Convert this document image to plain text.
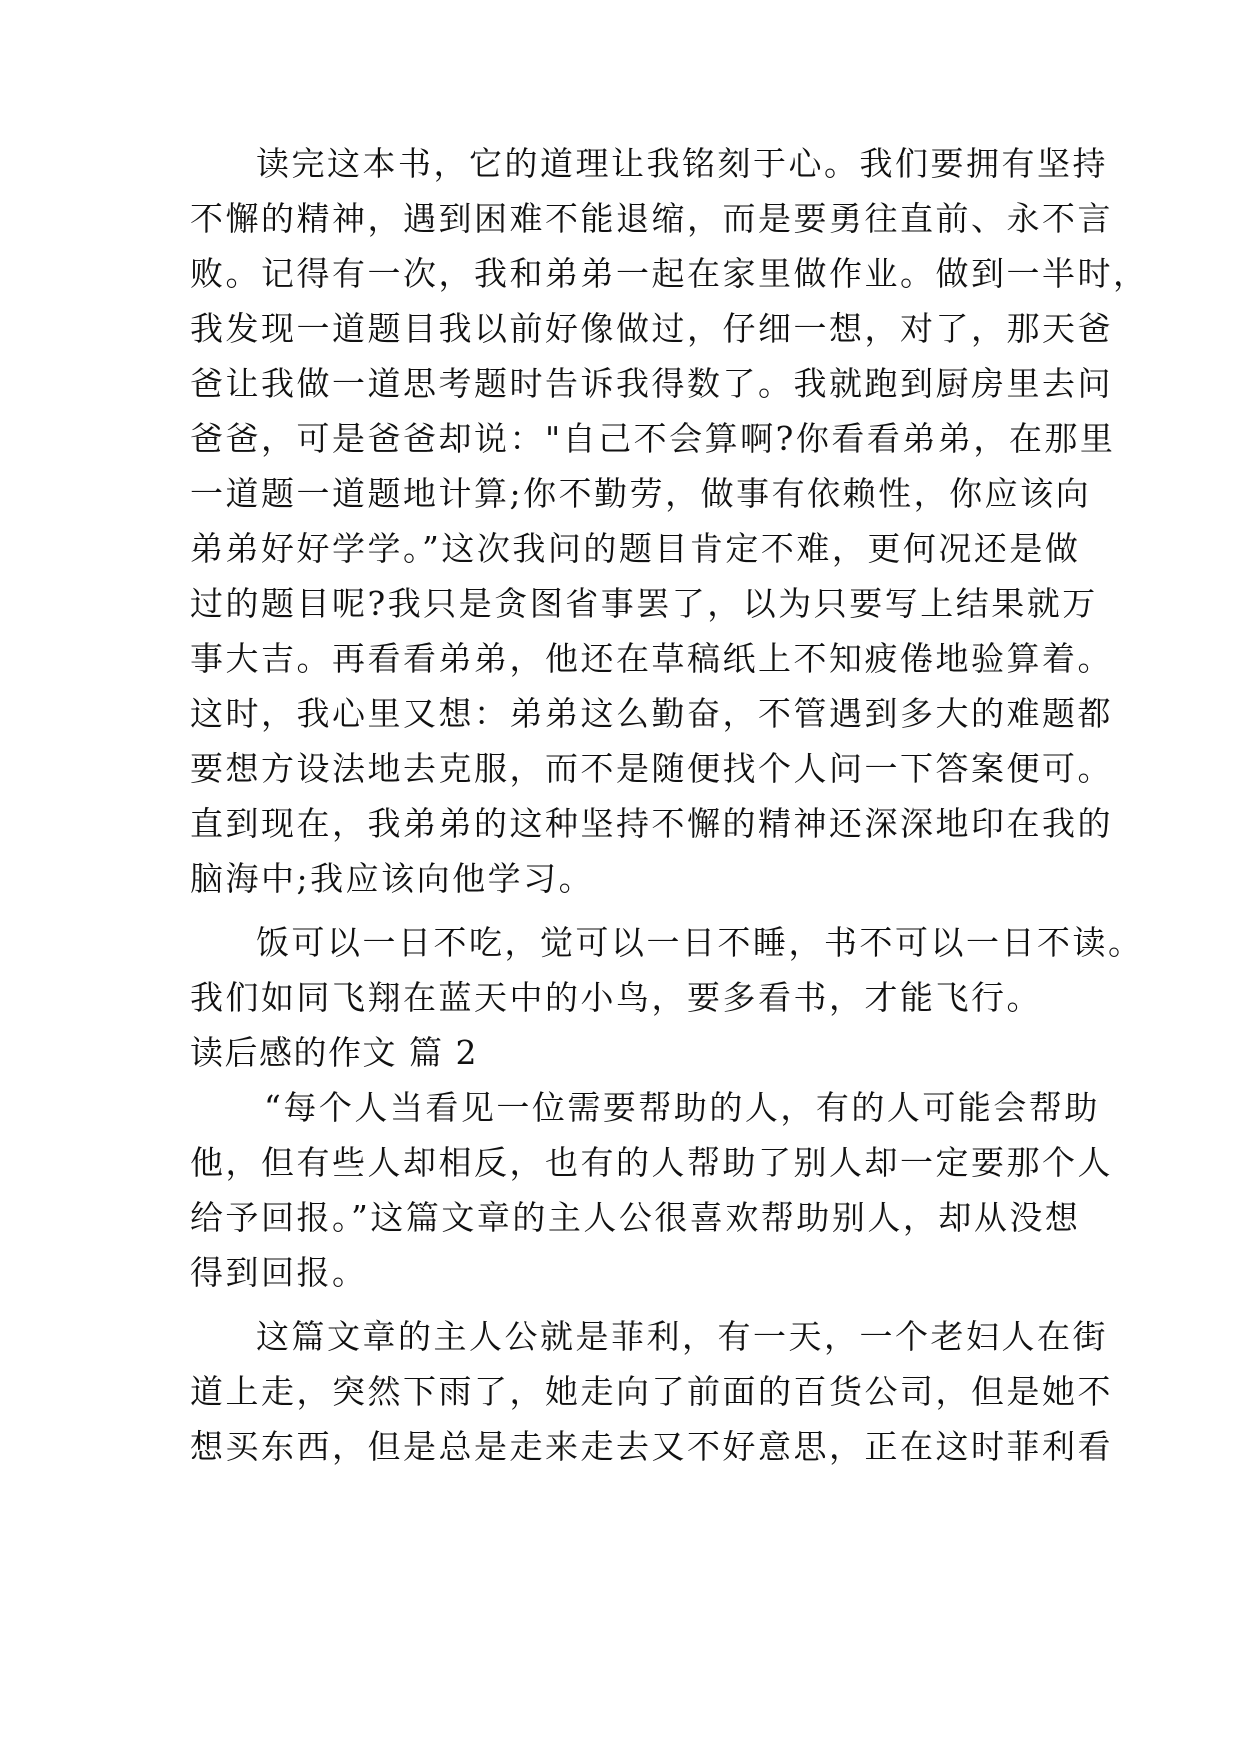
读完这本书，它的道理让我铭刻于心。我们要拥有坚持

不懈的精神，遇到困难不能退缩，而是要勇往直前、永不言

败。记得有一次，我和弟弟一起在家里做作业。做到一半时，

我发现一道题目我以前好像做过，仔细一想，对了，那天爸

爸让我做一道思考题时告诉我得数了。我就跑到厨房里去问

爸爸，可是爸爸却说："自己不会算啊?你看看弟弟，在那里

一道题一道题地计算;你不勤劳，做事有依赖性，你应该向

弟弟好好学学。”这次我问的题目肯定不难，更何况还是做

过的题目呢?我只是贪图省事罢了，以为只要写上结果就万

事大吉。再看看弟弟，他还在草稿纸上不知疲倦地验算着。

这时，我心里又想：弟弟这么勤奋，不管遇到多大的难题都

要想方设法地去克服，而不是随便找个人问一下答案便可。

直到现在，我弟弟的这种坚持不懈的精神还深深地印在我的

脑海中;我应该向他学习。

饭可以一日不吃，觉可以一日不睡，书不可以一日不读。

我们如同飞翔在蓝天中的小鸟，要多看书，才能飞行。

读后感的作文 篇 2

“每个人当看见一位需要帮助的人，有的人可能会帮助

他，但有些人却相反，也有的人帮助了别人却一定要那个人

给予回报。”这篇文章的主人公很喜欢帮助别人，却从没想

得到回报。

这篇文章的主人公就是菲利，有一天，一个老妇人在街

道上走，突然下雨了，她走向了前面的百货公司，但是她不

想买东西，但是总是走来走去又不好意思，正在这时菲利看
